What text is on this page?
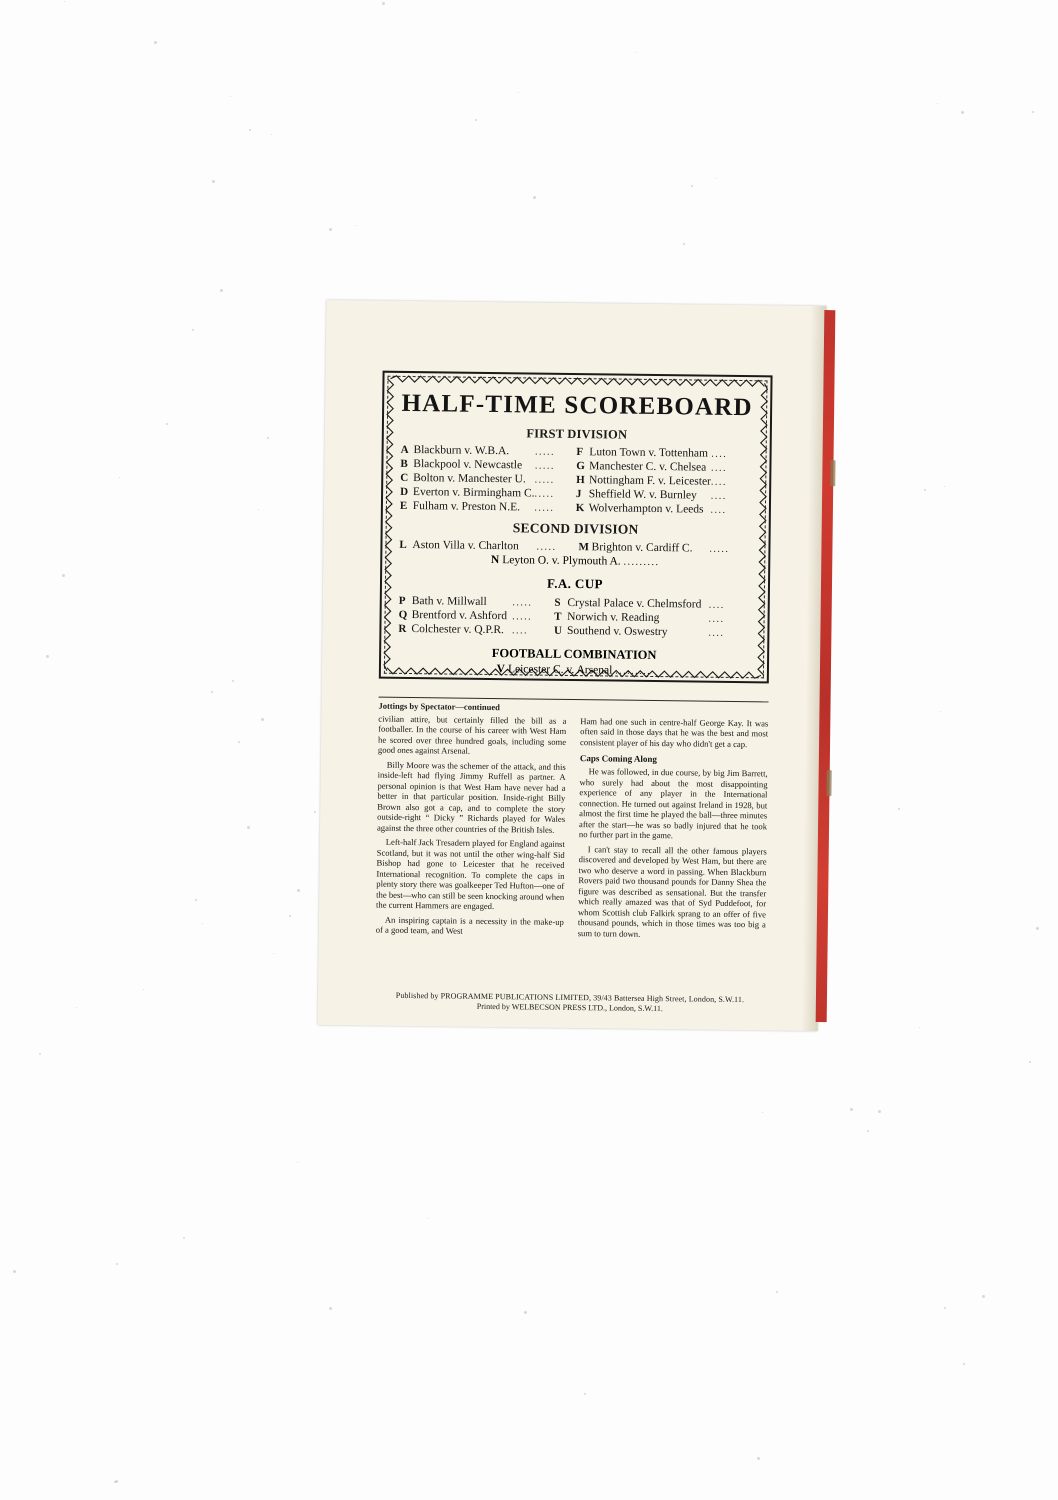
HALF-TIME SCOREBOARD
FIRST DIVISION
A	Blackburn v. W.B.A.	.....	F	Luton Town v. Tottenham	....
B	Blackpool v. Newcastle	.....	G	Manchester C. v. Chelsea	....
C	Bolton v. Manchester U.	.....	H	Nottingham F. v. Leicester	....
D	Everton v. Birmingham C.	.....	J	Sheffield W. v. Burnley	....
E	Fulham v. Preston N.E.	.....	K	Wolverhampton v. Leeds	....
SECOND DIVISION
L	Aston Villa v. Charlton	.....	M	Brighton v. Cardiff C.	.....
N Leyton O. v. Plymouth A. .........
F.A. CUP
P	Bath v. Millwall	.....	S	Crystal Palace v. Chelmsford	....
Q	Brentford v. Ashford	.....	T	Norwich v. Reading	....
R	Colchester v. Q.P.R.	....	U	Southend v. Oswestry	....
FOOTBALL COMBINATION
V Leicester C. v. Arsenal .........
Jottings by Spectator—continued

civilian attire, but certainly filled the bill as a footballer. In the course of his career with West Ham he scored over three hundred goals, including some good ones against Arsenal.

Billy Moore was the schemer of the attack, and this inside-left had flying Jimmy Ruffell as partner. A personal opinion is that West Ham have never had a better in that particular position. Inside-right Billy Brown also got a cap, and to complete the story outside-right “ Dicky ” Richards played for Wales against the three other countries of the British Isles.

Left-half Jack Tresadern played for England against Scotland, but it was not until the other wing-half Sid Bishop had gone to Leicester that he received International recognition. To complete the caps in plenty story there was goalkeeper Ted Hufton—one of the best—who can still be seen knocking around when the current Hammers are engaged.

An inspiring captain is a necessity in the make-up of a good team, and West

Ham had one such in centre-half George Kay. It was often said in those days that he was the best and most consistent player of his day who didn't get a cap.

Caps Coming Along

He was followed, in due course, by big Jim Barrett, who surely had about the most disappointing experience of any player in the International connection. He turned out against Ireland in 1928, but almost the first time he played the ball—three minutes after the start—he was so badly injured that he took no further part in the game.

I can't stay to recall all the other famous players discovered and developed by West Ham, but there are two who deserve a word in passing. When Blackburn Rovers paid two thousand pounds for Danny Shea the figure was described as sensational. But the transfer which really amazed was that of Syd Puddefoot, for whom Scottish club Falkirk sprang to an offer of five thousand pounds, which in those times was too big a sum to turn down.

Published by PROGRAMME PUBLICATIONS LIMITED, 39/43 Battersea High Street, London, S.W.11.
Printed by WELBECSON PRESS LTD., London, S.W.11.
